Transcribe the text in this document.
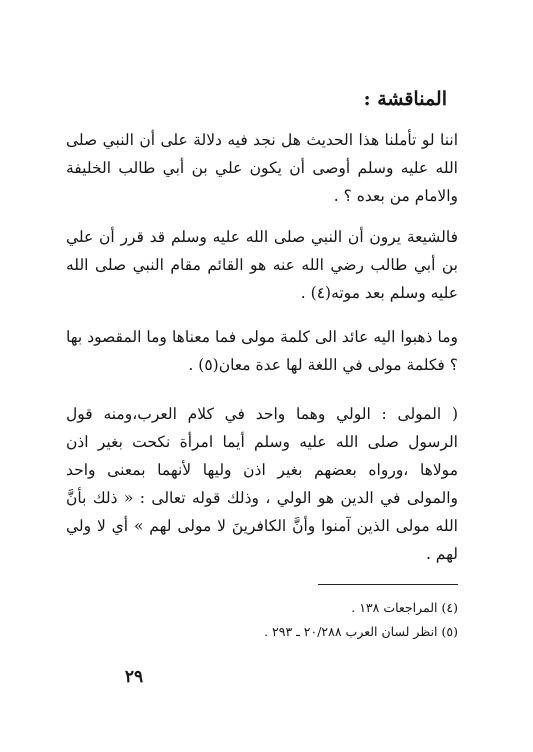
المناقشة :

اننا لو تأملنا هذا الحديث هل نجد فيه دلالة على أن النبي صلى الله عليه وسلم أوصى أن يكون علي بن أبي طالب الخليفة والامام من بعده ؟ .

فالشيعة يرون أن النبي صلى الله عليه وسلم قد قرر أن علي بن أبي طالب رضي الله عنه هو القائم مقام النبي صلى الله عليه وسلم بعد موته(٤) .

وما ذهبوا اليه عائد الى كلمة مولى فما معناها وما المقصود بها ؟ فكلمة مولى في اللغة لها عدة معان(٥) .

( المولى : الولي وهما واحد في كلام العرب،ومنه قول الرسول صلى الله عليه وسلم أيما امرأة نكحت بغير اذن مولاها ،ورواه بعضهم بغير اذن وليها لأنهما بمعنى واحد والمولى في الدين هو الولي ، وذلك قوله تعالى : « ذلك بأنَّ الله مولى الذين آمنوا وأنَّ الكافرينَ لا مولى لهم » أي لا ولي لهم .

(٤) المراجعات ١٣٨ .

(٥) انظر لسان العرب ٢٠/٢٨٨ ـ ٢٩٣ .

٢٩
